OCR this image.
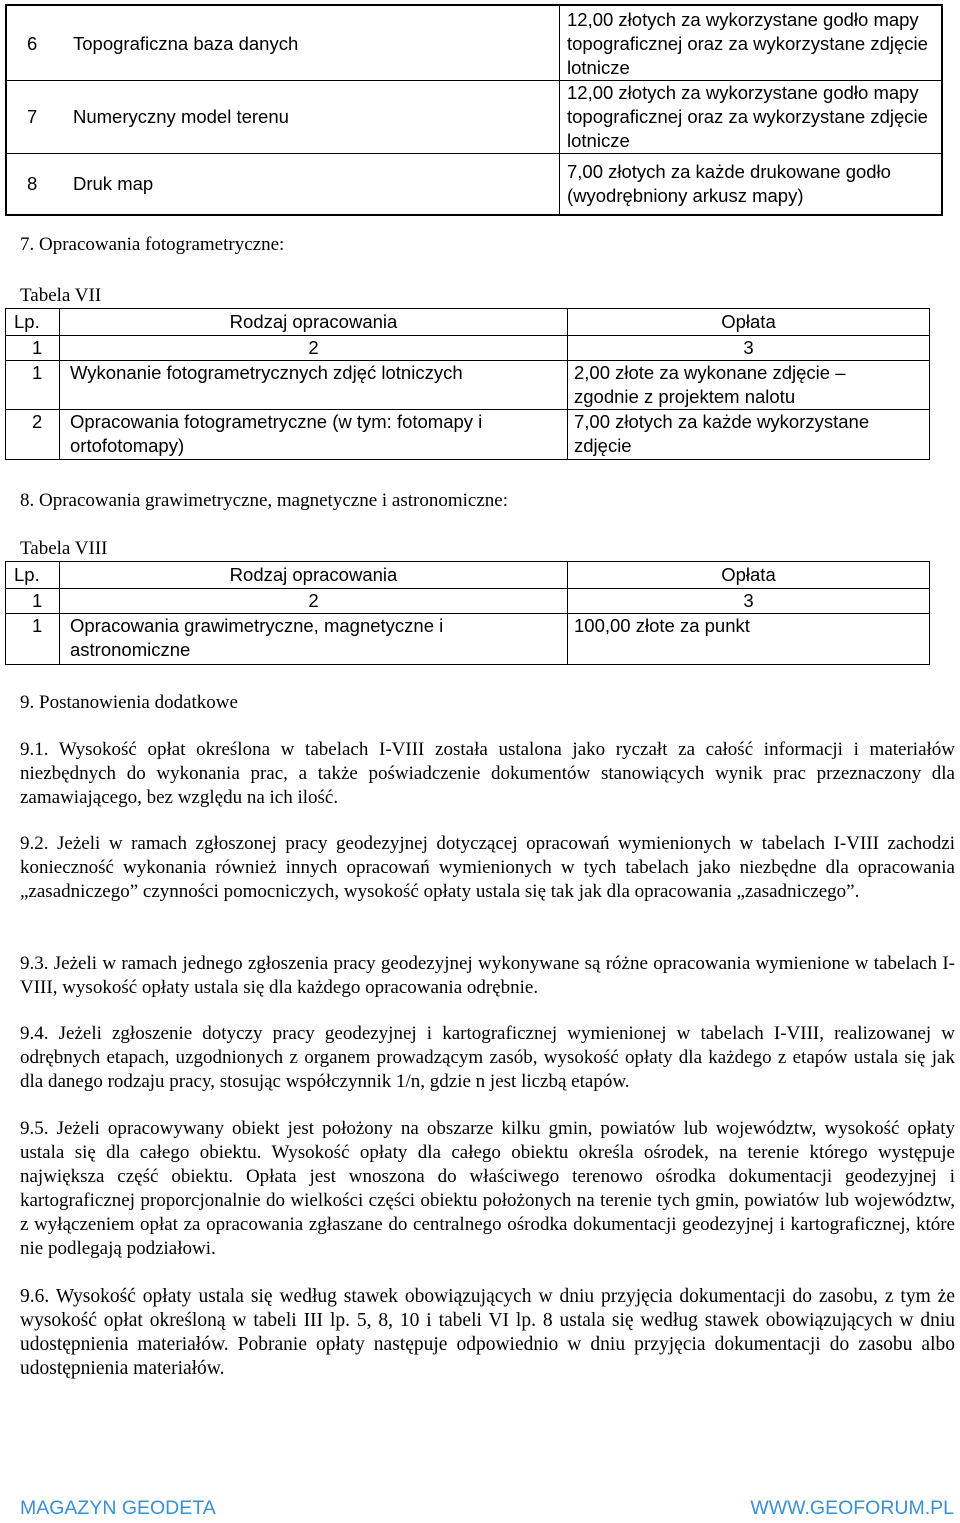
6	Topograficzna baza danych	12,00 złotych za wykorzystane godło mapy topograficznej oraz za wykorzystane zdjęcie lotnicze
7	Numeryczny model terenu	12,00 złotych za wykorzystane godło mapy topograficznej oraz za wykorzystane zdjęcie lotnicze
8	Druk map	7,00 złotych za każde drukowane godło (wyodrębniony arkusz mapy)
7. Opracowania fotogrametryczne:
Tabela VII
Lp.	Rodzaj opracowania	Opłata
1	2	3
1	Wykonanie fotogrametrycznych zdjęć lotniczych	2,00 złote za wykonane zdjęcie – zgodnie z projektem nalotu
2	Opracowania fotogrametryczne (w tym: fotomapy i ortofotomapy)	7,00 złotych za każde wykorzystane zdjęcie
8. Opracowania grawimetryczne, magnetyczne i astronomiczne:
Tabela VIII
Lp.	Rodzaj opracowania	Opłata
1	2	3
1	Opracowania grawimetryczne, magnetyczne i astronomiczne	100,00 złote za punkt
9. Postanowienia dodatkowe

9.1. Wysokość opłat określona w tabelach I-VIII została ustalona jako ryczałt za całość informacji i materiałów niezbędnych do wykonania prac, a także poświadczenie dokumentów stanowiących wynik prac przeznaczony dla zamawiającego, bez względu na ich ilość.

9.2. Jeżeli w ramach zgłoszonej pracy geodezyjnej dotyczącej opracowań wymienionych w tabelach I-VIII zachodzi konieczność wykonania również innych opracowań wymienionych w tych tabelach jako niezbędne dla opracowania „zasadniczego” czynności pomocniczych, wysokość opłaty ustala się tak jak dla opracowania „zasadniczego”.

9.3. Jeżeli w ramach jednego zgłoszenia pracy geodezyjnej wykonywane są różne opracowania wymienione w tabelach I-VIII, wysokość opłaty ustala się dla każdego opracowania odrębnie.

9.4. Jeżeli zgłoszenie dotyczy pracy geodezyjnej i kartograficznej wymienionej w tabelach I-VIII, realizowanej w odrębnych etapach, uzgodnionych z organem prowadzącym zasób, wysokość opłaty dla każdego z etapów ustala się jak dla danego rodzaju pracy, stosując współczynnik 1/n, gdzie n jest liczbą etapów.

9.5. Jeżeli opracowywany obiekt jest położony na obszarze kilku gmin, powiatów lub województw, wysokość opłaty ustala się dla całego obiektu. Wysokość opłaty dla całego obiektu określa ośrodek, na terenie którego występuje największa część obiektu. Opłata jest wnoszona do właściwego terenowo ośrodka dokumentacji geodezyjnej i kartograficznej proporcjonalnie do wielkości części obiektu położonych na terenie tych gmin, powiatów lub województw, z wyłączeniem opłat za opracowania zgłaszane do centralnego ośrodka dokumentacji geodezyjnej i kartograficznej, które nie podlegają podziałowi.

9.6. Wysokość opłaty ustala się według stawek obowiązujących w dniu przyjęcia dokumentacji do zasobu, z tym że wysokość opłat określoną w tabeli III lp. 5, 8, 10 i tabeli VI lp. 8 ustala się według stawek obowiązujących w dniu udostępnienia materiałów. Pobranie opłaty następuje odpowiednio w dniu przyjęcia dokumentacji do zasobu albo udostępnienia materiałów.

MAGAZYN GEODETA	WWW.GEOFORUM.PL
